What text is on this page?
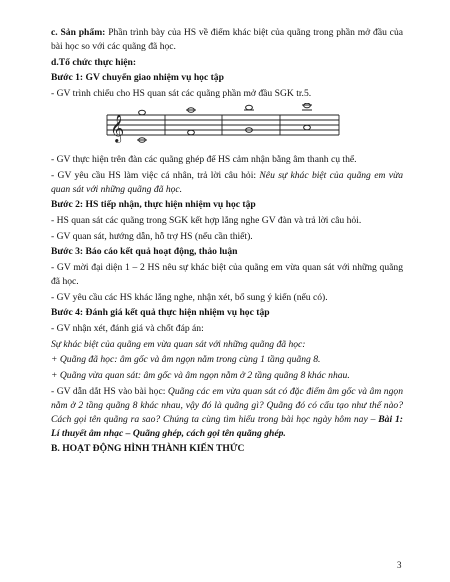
c. Sản phẩm: Phần trình bày của HS về điểm khác biệt của quãng trong phần mở đầu của bài học so với các quãng đã học.

d.Tổ chức thực hiện:

Bước 1: GV chuyển giao nhiệm vụ học tập

- GV trình chiếu cho HS quan sát các quãng phần mở đầu SGK tr.5.

𝄞

- GV thực hiện trên đàn các quãng ghép để HS cảm nhận bằng âm thanh cụ thể.

- GV yêu cầu HS làm việc cá nhân, trả lời câu hỏi: Nêu sự khác biệt của quãng em vừa quan sát với những quãng đã học.

Bước 2: HS tiếp nhận, thực hiện nhiệm vụ học tập

- HS quan sát các quãng trong SGK kết hợp lắng nghe GV đàn và trả lời câu hỏi.

- GV quan sát, hướng dẫn, hỗ trợ HS (nếu cần thiết).

Bước 3: Báo cáo kết quả hoạt động, thảo luận

- GV mời đại diện 1 – 2 HS nêu sự khác biệt của quãng em vừa quan sát với những quãng đã học.

- GV yêu cầu các HS khác lắng nghe, nhận xét, bổ sung ý kiến (nếu có).

Bước 4: Đánh giá kết quả thực hiện nhiệm vụ học tập

- GV nhận xét, đánh giá và chốt đáp án:

Sự khác biệt của quãng em vừa quan sát với những quãng đã học:

+ Quãng đã học: âm gốc và âm ngọn nằm trong cùng 1 tầng quãng 8.

+ Quãng vừa quan sát: âm gốc và âm ngọn nằm ở 2 tầng quãng 8 khác nhau.

- GV dẫn dắt HS vào bài học: Quãng các em vừa quan sát có đặc điểm âm gốc và âm ngọn nằm ở 2 tầng quãng 8 khác nhau, vậy đó là quãng gì? Quãng đó có cấu tạo như thế nào? Cách gọi tên quãng ra sao? Chúng ta cùng tìm hiểu trong bài học ngày hôm nay – Bài 1: Lí thuyết âm nhạc – Quãng ghép, cách gọi tên quãng ghép.

B. HOẠT ĐỘNG HÌNH THÀNH KIẾN THỨC

3
